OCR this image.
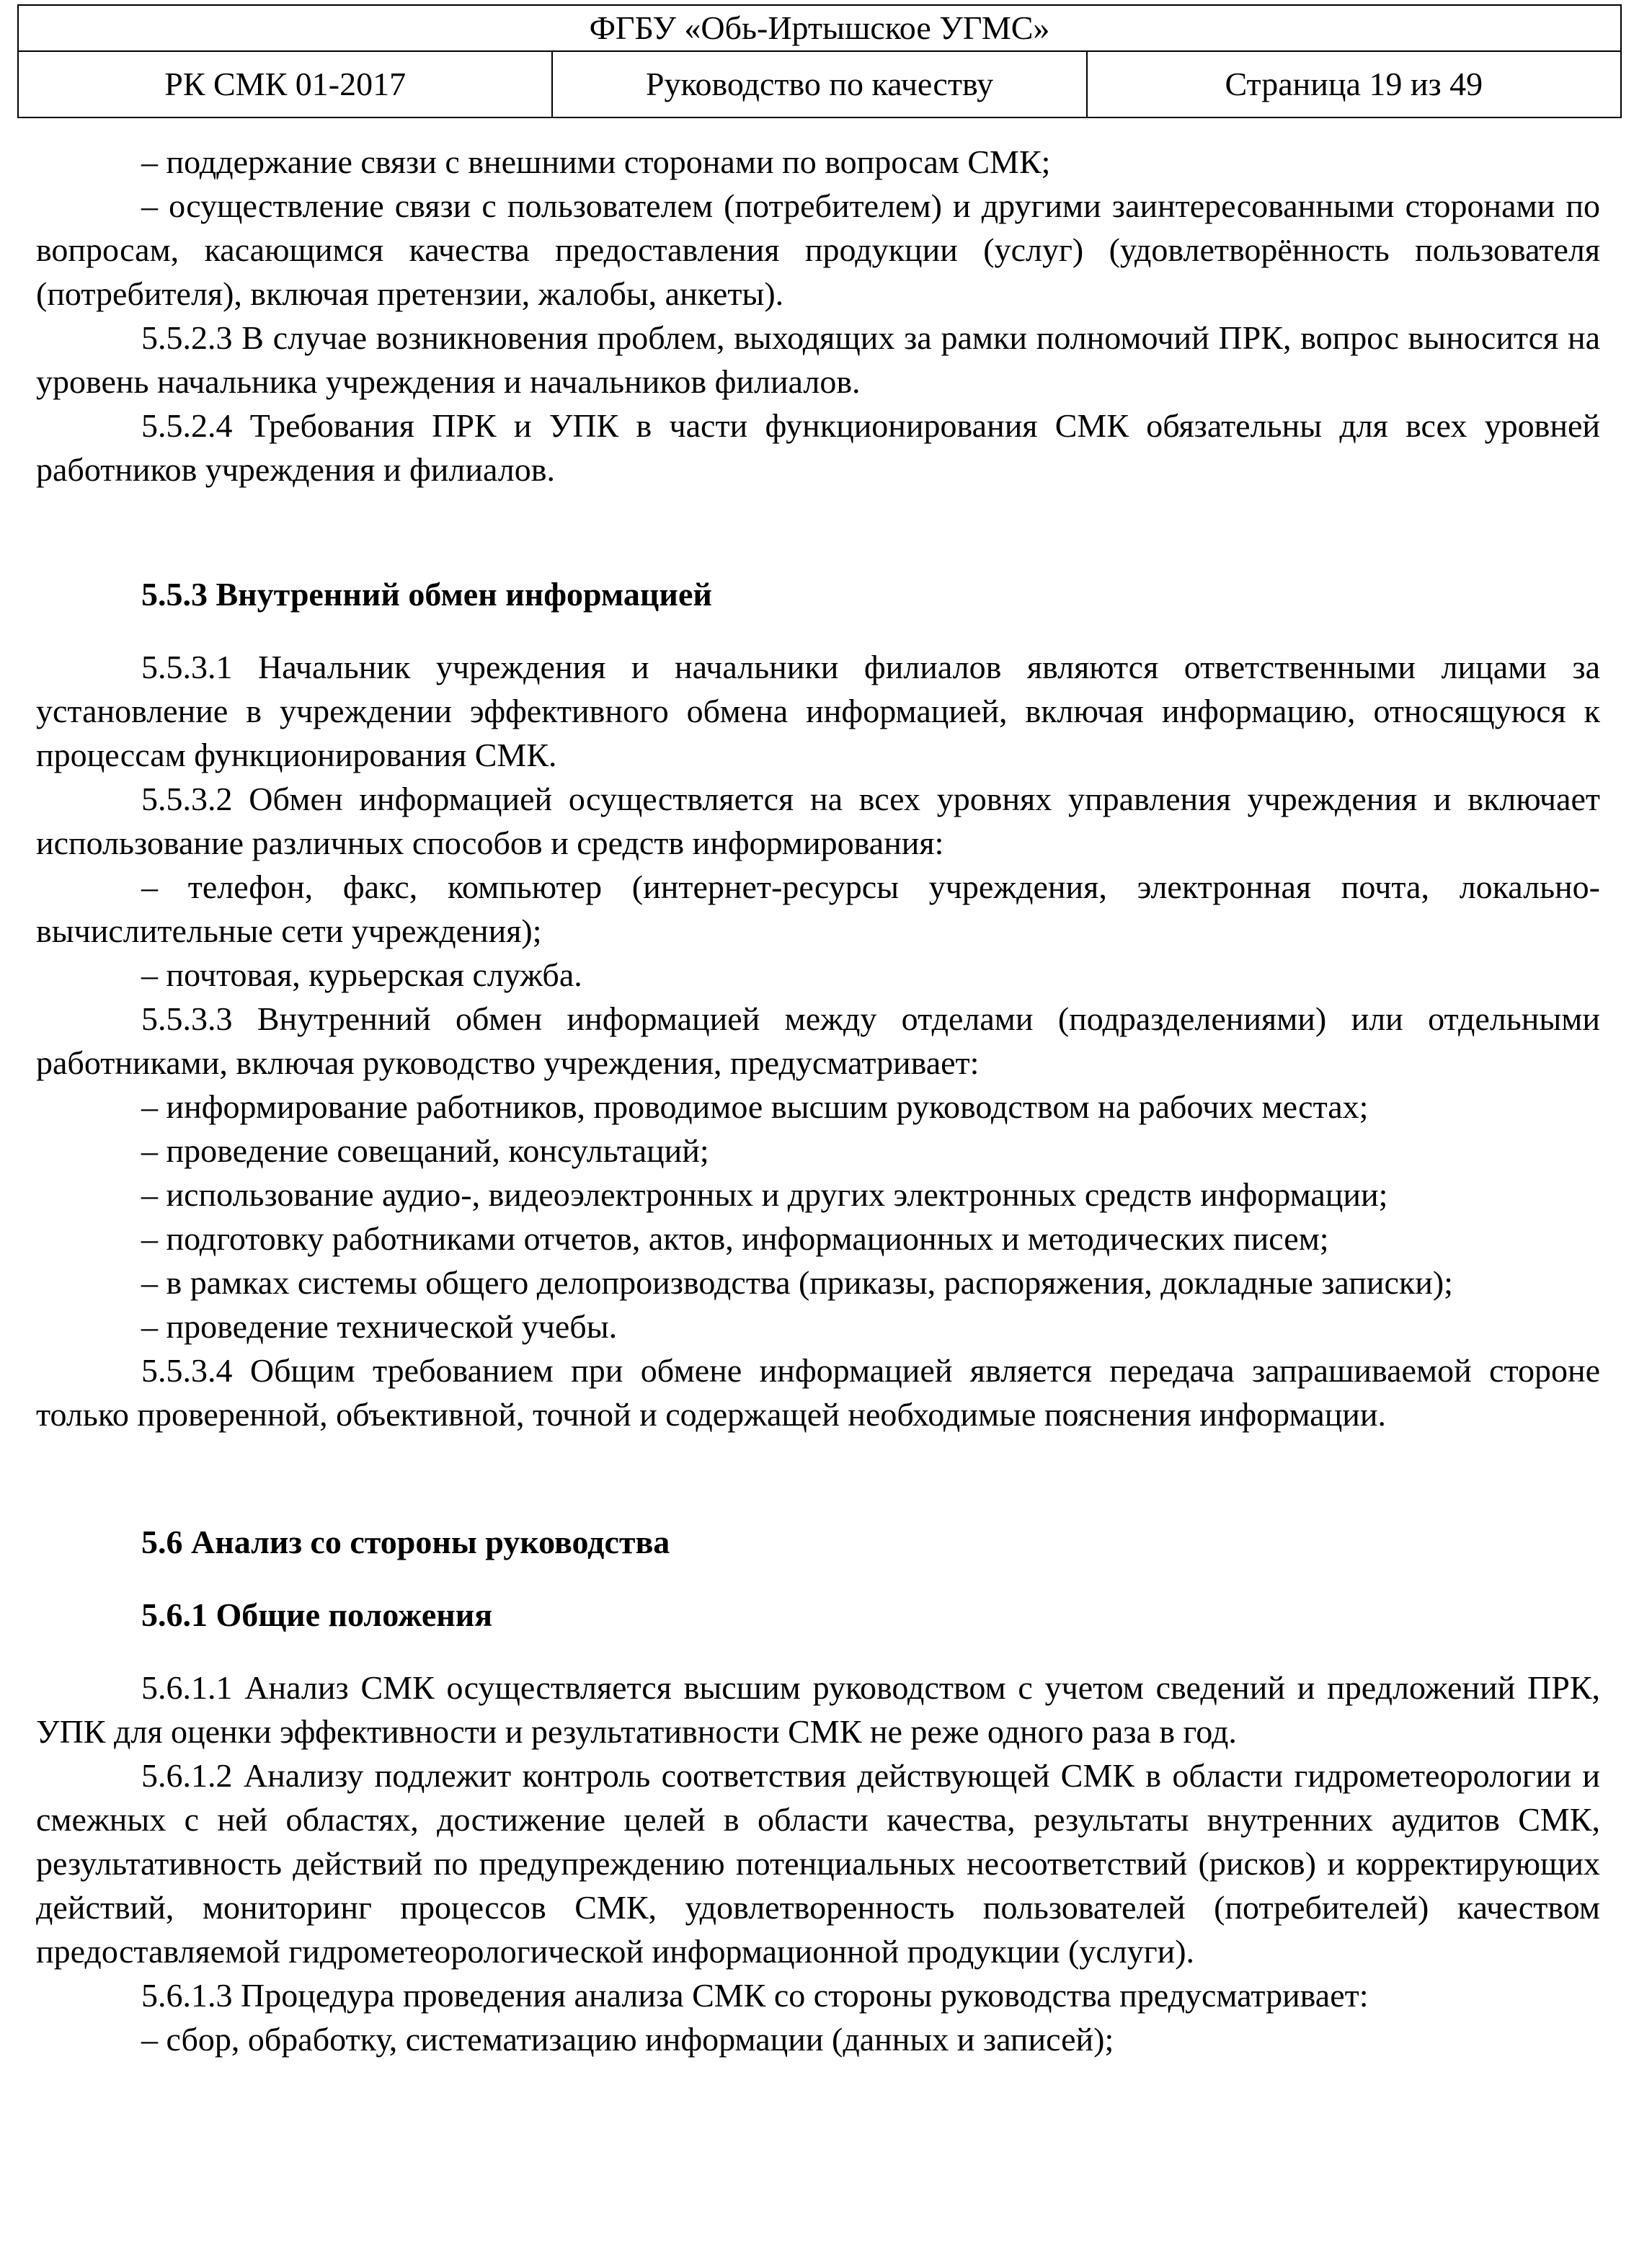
ФГБУ «Обь-Иртышское УГМС»
РК СМК 01-2017	Руководство по качеству	Страница 19 из 49

– поддержание связи с внешними сторонами по вопросам СМК;

– осуществление связи с пользователем (потребителем) и другими заинтересованными сторонами по вопросам, касающимся качества предоставления продукции (услуг) (удовлетворённость пользователя (потребителя), включая претензии, жалобы, анкеты).

5.5.2.3 В случае возникновения проблем, выходящих за рамки полномочий ПРК, вопрос выносится на уровень начальника учреждения и начальников филиалов.

5.5.2.4 Требования ПРК и УПК в части функционирования СМК обязательны для всех уровней работников учреждения и филиалов.

5.5.3 Внутренний обмен информацией

5.5.3.1 Начальник учреждения и начальники филиалов являются ответственными лицами за установление в учреждении эффективного обмена информацией, включая информацию, относящуюся к процессам функционирования СМК.

5.5.3.2 Обмен информацией осуществляется на всех уровнях управления учреждения и включает использование различных способов и средств информирования:

– телефон, факс, компьютер (интернет-ресурсы учреждения, электронная почта, локально-вычислительные сети учреждения);

– почтовая, курьерская служба.

5.5.3.3 Внутренний обмен информацией между отделами (подразделениями) или отдельными работниками, включая руководство учреждения, предусматривает:

– информирование работников, проводимое высшим руководством на рабочих местах;

– проведение совещаний, консультаций;

– использование аудио-, видеоэлектронных и других электронных средств информации;

– подготовку работниками отчетов, актов, информационных и методических писем;

– в рамках системы общего делопроизводства (приказы, распоряжения, докладные записки);

– проведение технической учебы.

5.5.3.4 Общим требованием при обмене информацией является передача запрашиваемой стороне только проверенной, объективной, точной и содержащей необходимые пояснения информации.

5.6 Анализ со стороны руководства

5.6.1 Общие положения

5.6.1.1 Анализ СМК осуществляется высшим руководством с учетом сведений и предложений ПРК, УПК для оценки эффективности и результативности СМК не реже одного раза в год.

5.6.1.2 Анализу подлежит контроль соответствия действующей СМК в области гидрометеорологии и смежных с ней областях, достижение целей в области качества, результаты внутренних аудитов СМК, результативность действий по предупреждению потенциальных несоответствий (рисков) и корректирующих действий, мониторинг процессов СМК, удовлетворенность пользователей (потребителей) качеством предоставляемой гидрометеорологической информационной продукции (услуги).

5.6.1.3 Процедура проведения анализа СМК со стороны руководства предусматривает:

– сбор, обработку, систематизацию информации (данных и записей);
